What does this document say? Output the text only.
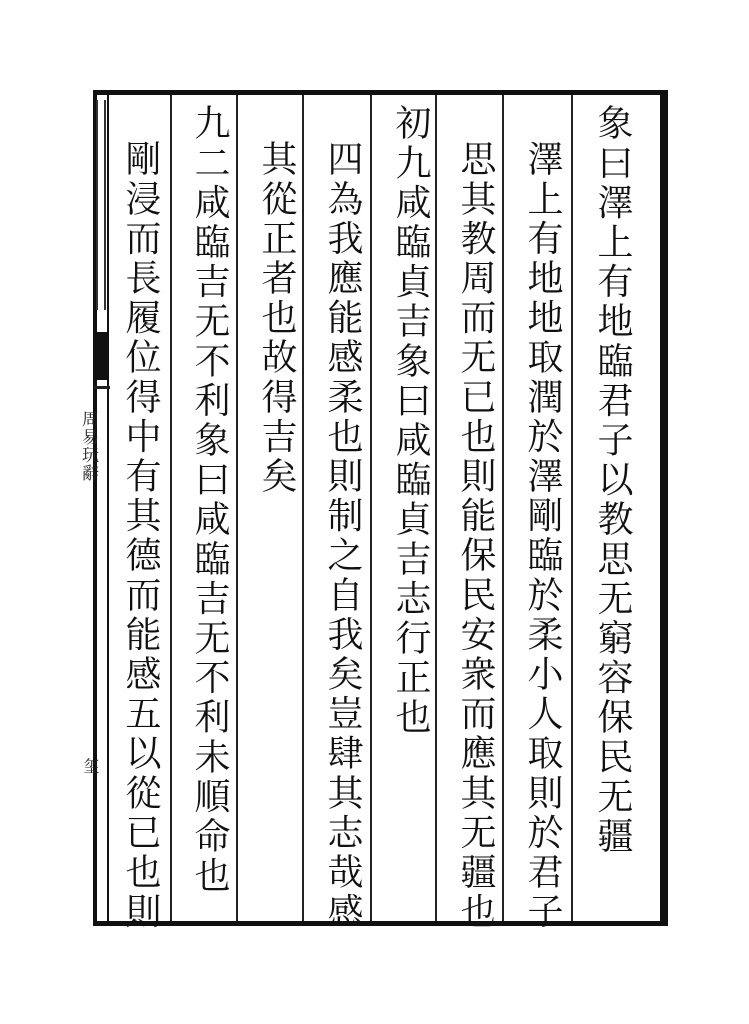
周易玩辭
玺	象曰澤上有地臨君子以教思无窮容保民无疆
澤上有地地取潤於澤剛臨於柔小人取則於君子
思其教周而无已也則能保民安衆而應其无疆也
初九咸臨貞吉象曰咸臨貞吉志行正也
四為我應能感柔也則制之自我矣豈肆其志哉感
其從正者也故得吉矣
九二咸臨吉无不利象曰咸臨吉无不利未順命也
剛浸而長履位得中有其德而能感五以從已也則
